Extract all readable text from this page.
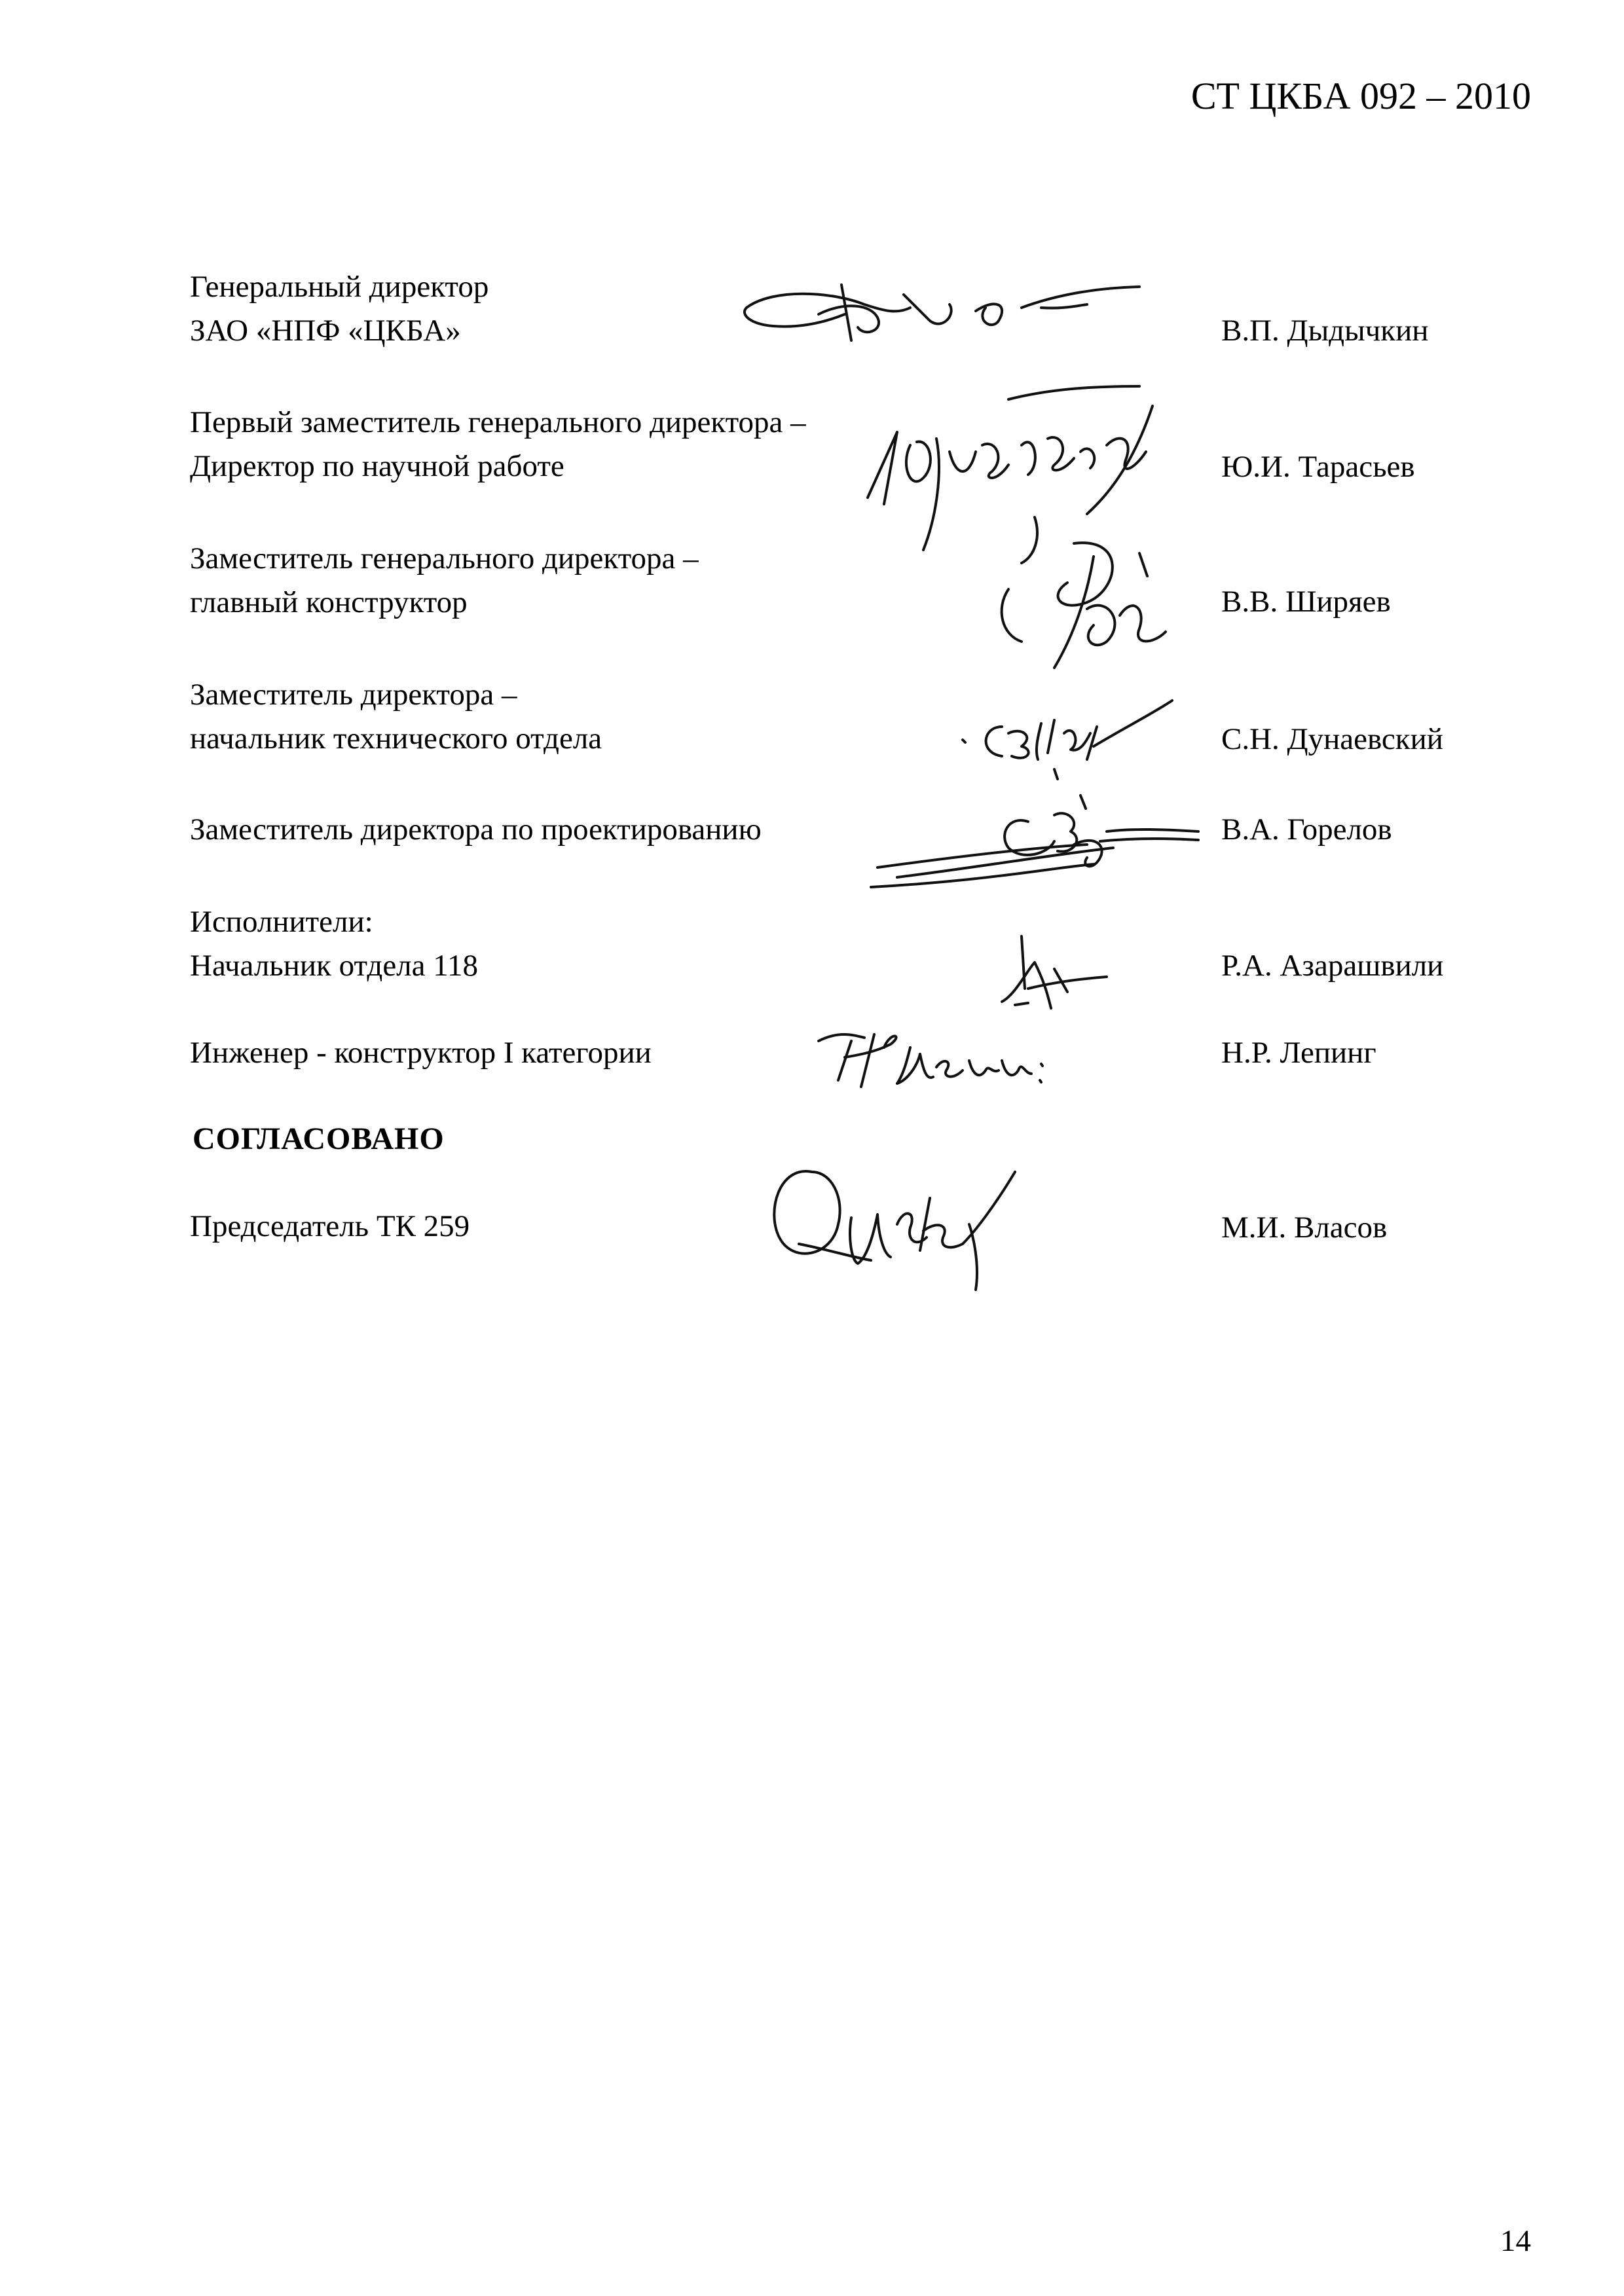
СТ ЦКБА 092 – 2010
Генеральный директор
ЗАО «НПФ «ЦКБА»	В.П. Дыдычкин
Первый заместитель генерального директора –
Директор по научной работе	Ю.И. Тарасьев
Заместитель генерального директора –
главный конструктор	В.В. Ширяев
Заместитель директора –
начальник технического отдела	С.Н. Дунаевский
Заместитель директора по проектированию	В.А. Горелов
Исполнители:
Начальник отдела 118	Р.А. Азарашвили
Инженер - конструктор I категории	Н.Р. Лепинг
СОГЛАСОВАНО
Председатель ТК 259	М.И. Власов
14
